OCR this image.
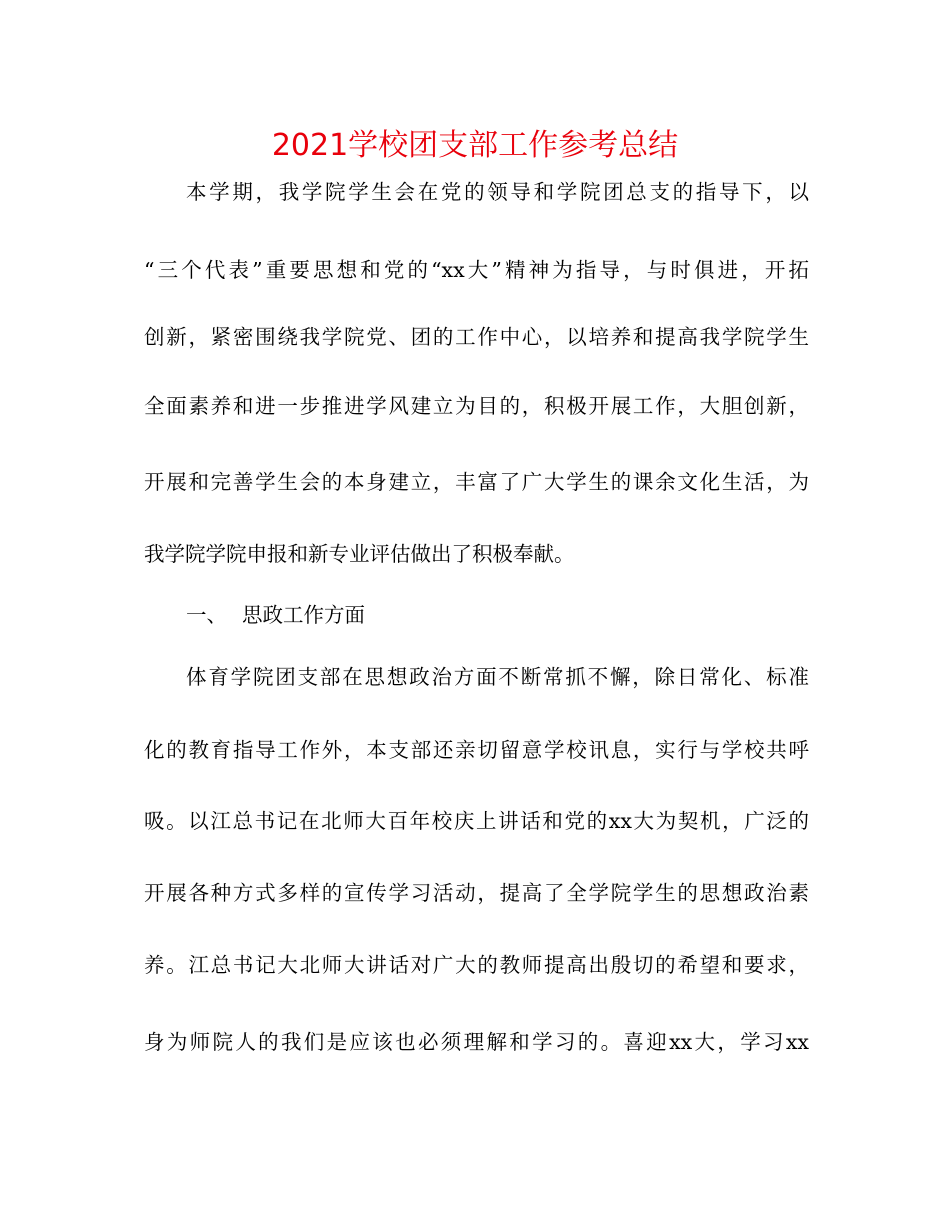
2021学校团支部工作参考总结
本学期，我学院学生会在党的领导和学院团总支的指导下，以
“三个代表”重要思想和党的“xx大”精神为指导，与时俱进，开拓
创新，紧密围绕我学院党、团的工作中心，以培养和提高我学院学生
全面素养和进一步推进学风建立为目的，积极开展工作，大胆创新，
开展和完善学生会的本身建立，丰富了广大学生的课余文化生活，为
我学院学院申报和新专业评估做出了积极奉献。
一、 思政工作方面
体育学院团支部在思想政治方面不断常抓不懈，除日常化、标准
化的教育指导工作外，本支部还亲切留意学校讯息，实行与学校共呼
吸。以江总书记在北师大百年校庆上讲话和党的xx大为契机，广泛的
开展各种方式多样的宣传学习活动，提高了全学院学生的思想政治素
养。江总书记大北师大讲话对广大的教师提高出殷切的希望和要求，
身为师院人的我们是应该也必须理解和学习的。喜迎xx大，学习xx
